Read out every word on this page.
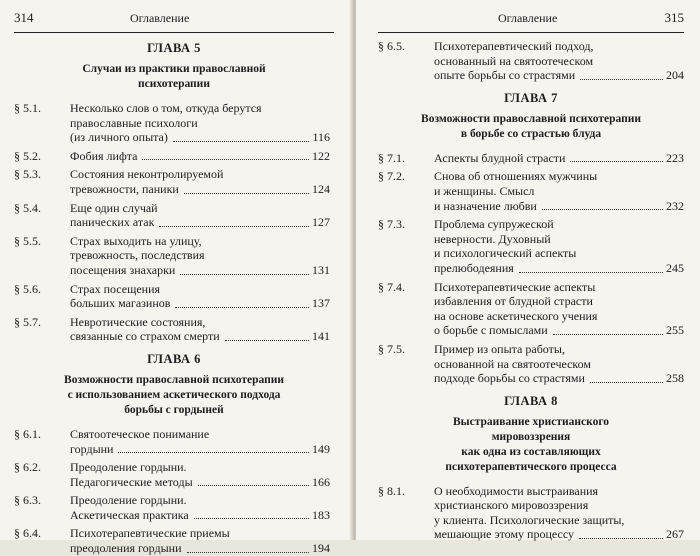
314	Оглавление
ГЛАВА 5
Случаи из практики православной
психотерапии
§ 5.1.	Несколько слов о том, откуда берутся
православные психологи
(из личного опыта)	116
§ 5.2.	Фобия лифта	122
§ 5.3.	Состояния неконтролируемой
тревожности, паники	124
§ 5.4.	Еще один случай
панических атак	127
§ 5.5.	Страх выходить на улицу,
тревожность, последствия
посещения знахарки	131
§ 5.6.	Страх посещения
больших магазинов	137
§ 5.7.	Невротические состояния,
связанные со страхом смерти	141
ГЛАВА 6
Возможности православной психотерапии
с использованием аскетического подхода
борьбы с гордыней
§ 6.1.	Святоотеческое понимание
гордыни	149
§ 6.2.	Преодоление гордыни.
Педагогические методы	166
§ 6.3.	Преодоление гордыни.
Аскетическая практика	183
§ 6.4.	Психотерапевтические приемы
преодоления гордыни	194
Оглавление	315
§ 6.5.	Психотерапевтический подход,
основанный на святоотеческом
опыте борьбы со страстями	204
ГЛАВА 7
Возможности православной психотерапии
в борьбе со страстью блуда
§ 7.1.	Аспекты блудной страсти	223
§ 7.2.	Снова об отношениях мужчины
и женщины. Смысл
и назначение любви	232
§ 7.3.	Проблема супружеской
неверности. Духовный
и психологический аспекты
прелюбодеяния	245
§ 7.4.	Психотерапевтические аспекты
избавления от блудной страсти
на основе аскетического учения
о борьбе с помыслами	255
§ 7.5.	Пример из опыта работы,
основанной на святоотеческом
подходе борьбы со страстями	258
ГЛАВА 8
Выстраивание христианского
мировоззрения
как одна из составляющих
психотерапевтического процесса
§ 8.1.	О необходимости выстраивания
христианского мировоззрения
у клиента. Психологические защиты,
мешающие этому процессу	267
